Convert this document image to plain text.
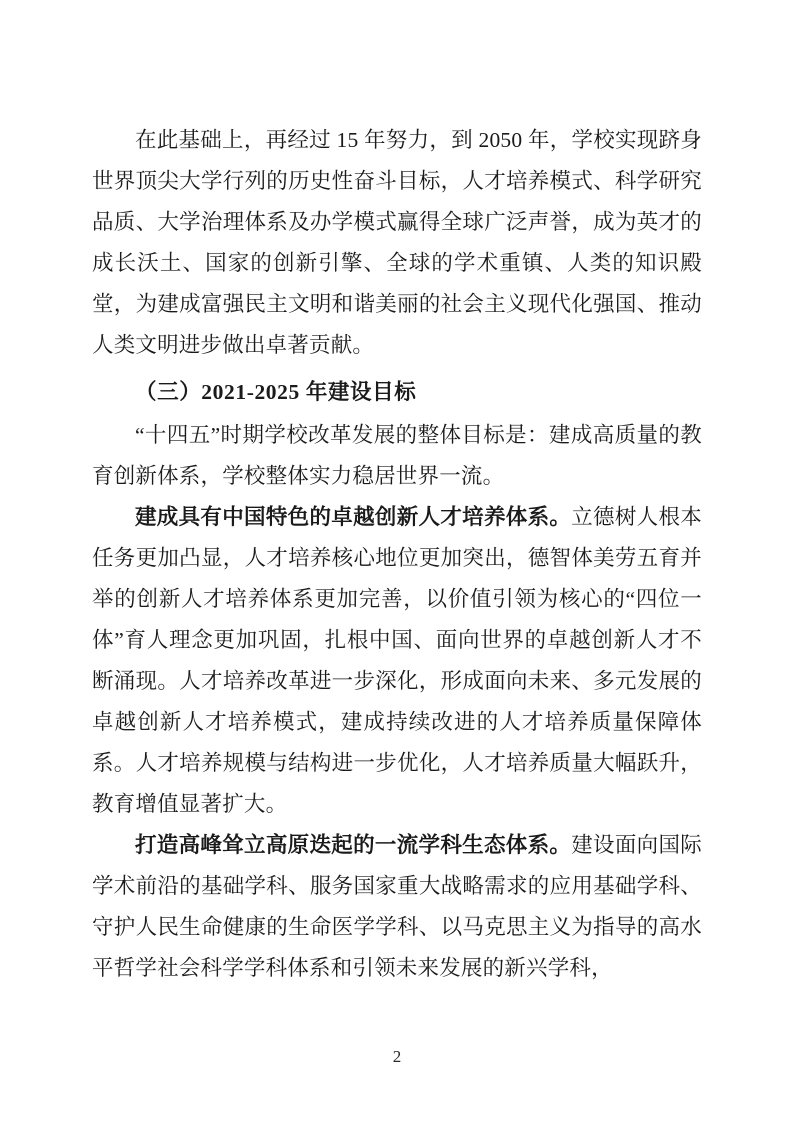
在此基础上，再经过 15 年努力，到 2050 年，学校实现跻身世界顶尖大学行列的历史性奋斗目标，人才培养模式、科学研究品质、大学治理体系及办学模式赢得全球广泛声誉，成为英才的成长沃土、国家的创新引擎、全球的学术重镇、人类的知识殿堂，为建成富强民主文明和谐美丽的社会主义现代化强国、推动人类文明进步做出卓著贡献。

（三）2021-2025 年建设目标

“十四五”时期学校改革发展的整体目标是：建成高质量的教育创新体系，学校整体实力稳居世界一流。

建成具有中国特色的卓越创新人才培养体系。立德树人根本任务更加凸显，人才培养核心地位更加突出，德智体美劳五育并举的创新人才培养体系更加完善，以价值引领为核心的“四位一体”育人理念更加巩固，扎根中国、面向世界的卓越创新人才不断涌现。人才培养改革进一步深化，形成面向未来、多元发展的卓越创新人才培养模式，建成持续改进的人才培养质量保障体系。人才培养规模与结构进一步优化，人才培养质量大幅跃升，教育增值显著扩大。

打造高峰耸立高原迭起的一流学科生态体系。建设面向国际学术前沿的基础学科、服务国家重大战略需求的应用基础学科、守护人民生命健康的生命医学学科、以马克思主义为指导的高水平哲学社会科学学科体系和引领未来发展的新兴学科，

2
